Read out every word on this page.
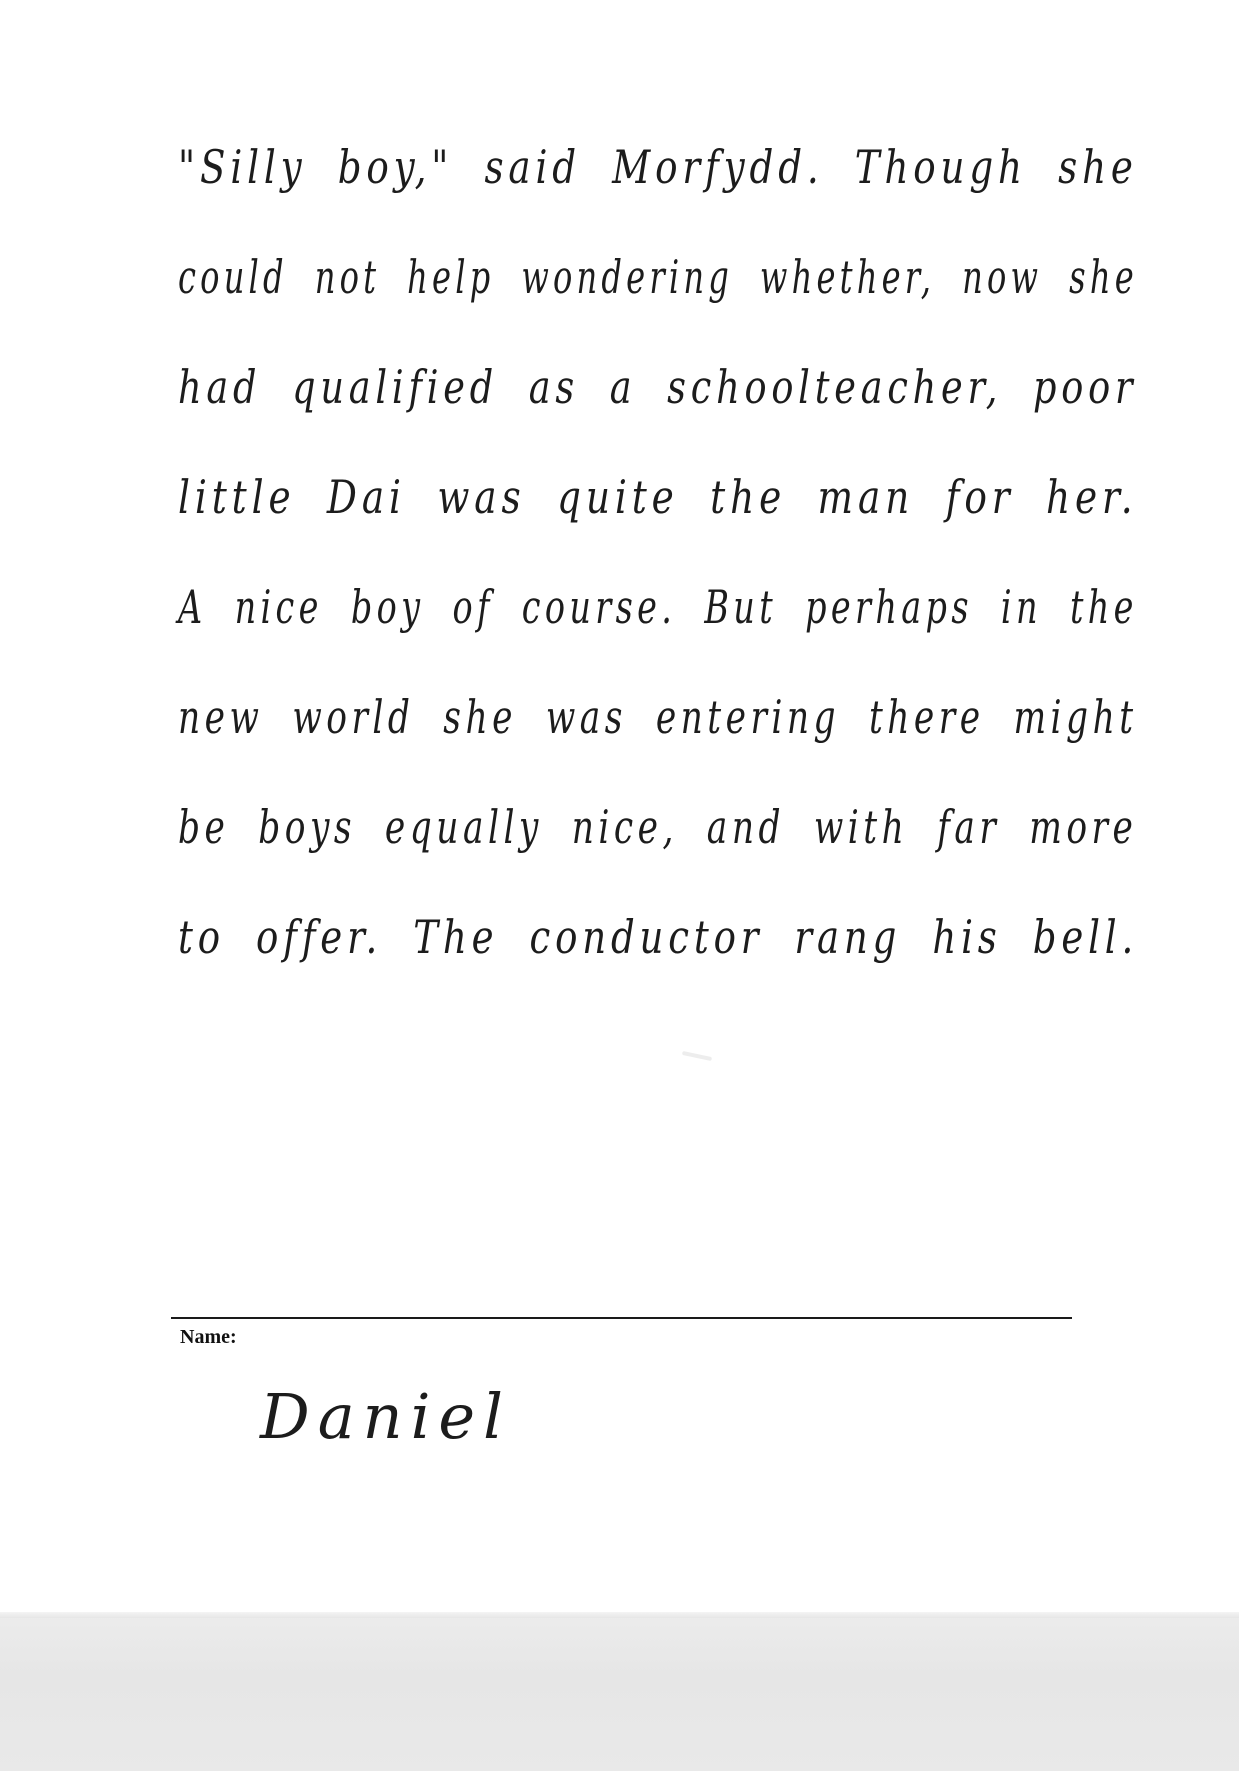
"Silly boy," said Morfydd. Though she
could not help wondering whether, now she
had qualified as a schoolteacher, poor
little Dai was quite the man for her.
A nice boy of course. But perhaps in the
new world she was entering there might
be boys equally nice, and with far more
to offer. The conductor rang his bell.
Name:
Daniel
